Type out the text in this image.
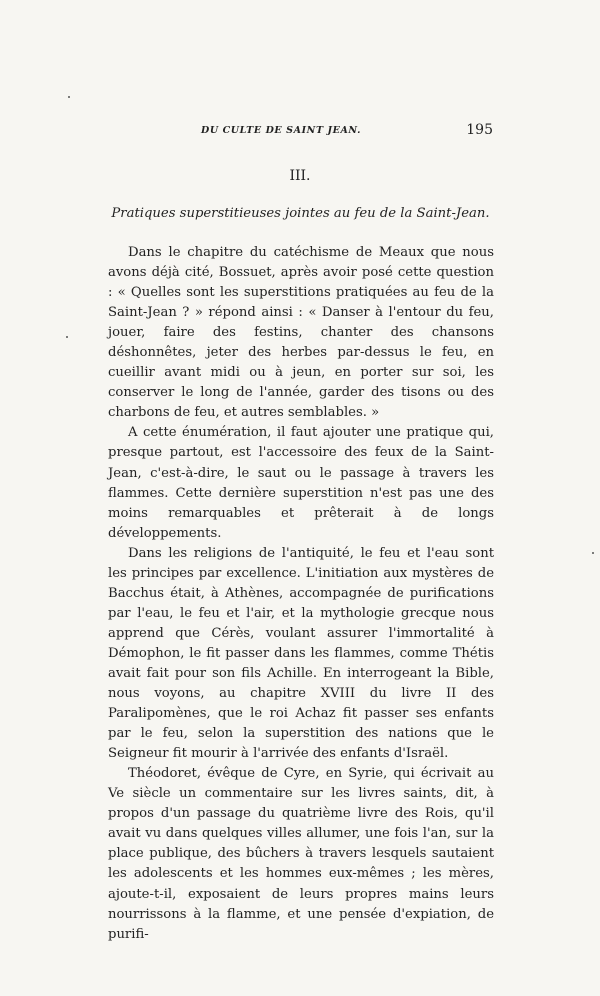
DU CULTE DE SAINT JEAN.	195
III.
Pratiques superstitieuses jointes au feu de la Saint-Jean.

Dans le chapitre du catéchisme de Meaux que nous avons déjà cité, Bossuet, après avoir posé cette question : « Quelles sont les superstitions pratiquées au feu de la Saint-Jean ? » répond ainsi : « Danser à l'entour du feu, jouer, faire des festins, chanter des chansons déshonnêtes, jeter des herbes par-dessus le feu, en cueillir avant midi ou à jeun, en porter sur soi, les conserver le long de l'année, garder des tisons ou des charbons de feu, et autres semblables. »

A cette énumération, il faut ajouter une pratique qui, presque partout, est l'accessoire des feux de la Saint-Jean, c'est-à-dire, le saut ou le passage à travers les flammes. Cette dernière superstition n'est pas une des moins remarquables et prêterait à de longs développements.

Dans les religions de l'antiquité, le feu et l'eau sont les principes par excellence. L'initiation aux mystères de Bacchus était, à Athènes, accompagnée de purifications par l'eau, le feu et l'air, et la mythologie grecque nous apprend que Cérès, voulant assurer l'immortalité à Démophon, le fit passer dans les flammes, comme Thétis avait fait pour son fils Achille. En interrogeant la Bible, nous voyons, au chapitre XVIII du livre II des Paralipomènes, que le roi Achaz fit passer ses enfants par le feu, selon la superstition des nations que le Seigneur fit mourir à l'arrivée des enfants d'Israël.

Théodoret, évêque de Cyre, en Syrie, qui écrivait au Ve siècle un commentaire sur les livres saints, dit, à propos d'un passage du quatrième livre des Rois, qu'il avait vu dans quelques villes allumer, une fois l'an, sur la place publique, des bûchers à travers lesquels sautaient les adolescents et les hommes eux-mêmes ; les mères, ajoute-t-il, exposaient de leurs propres mains leurs nourrissons à la flamme, et une pensée d'expiation, de purifi-
